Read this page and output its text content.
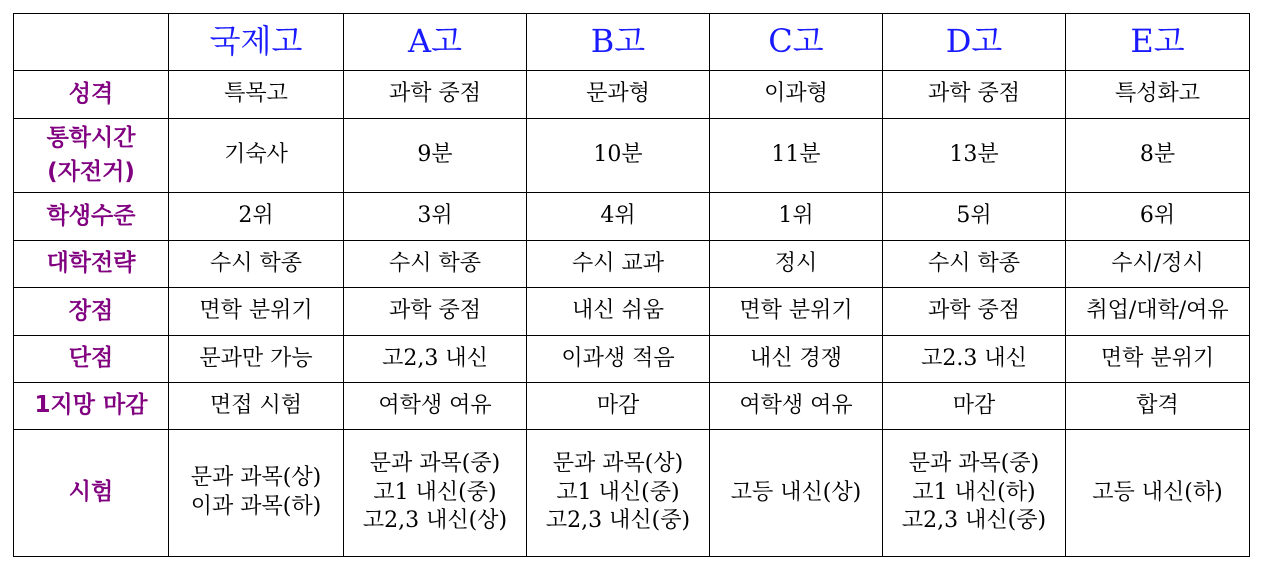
	국제고	A고	B고	C고	D고	E고

성격	특목고	과학 중점	문과형	이과형	과학 중점	특성화고

통학시간
(자전거)	기숙사	9분	10분	11분	13분	8분

학생수준	2위	3위	4위	1위	5위	6위

대학전략	수시 학종	수시 학종	수시 교과	정시	수시 학종	수시/정시

장점	면학 분위기	과학 중점	내신 쉬움	면학 분위기	과학 중점	취업/대학/여유

단점	문과만 가능	고2,3 내신	이과생 적음	내신 경쟁	고2.3 내신	면학 분위기

1지망 마감	면접 시험	여학생 여유	마감	여학생 여유	마감	합격

시험	문과 과목(상)
이과 과목(하)	문과 과목(중)
고1 내신(중)
고2,3 내신(상)	문과 과목(상)
고1 내신(중)
고2,3 내신(중)	고등 내신(상)	문과 과목(중)
고1 내신(하)
고2,3 내신(중)	고등 내신(하)
